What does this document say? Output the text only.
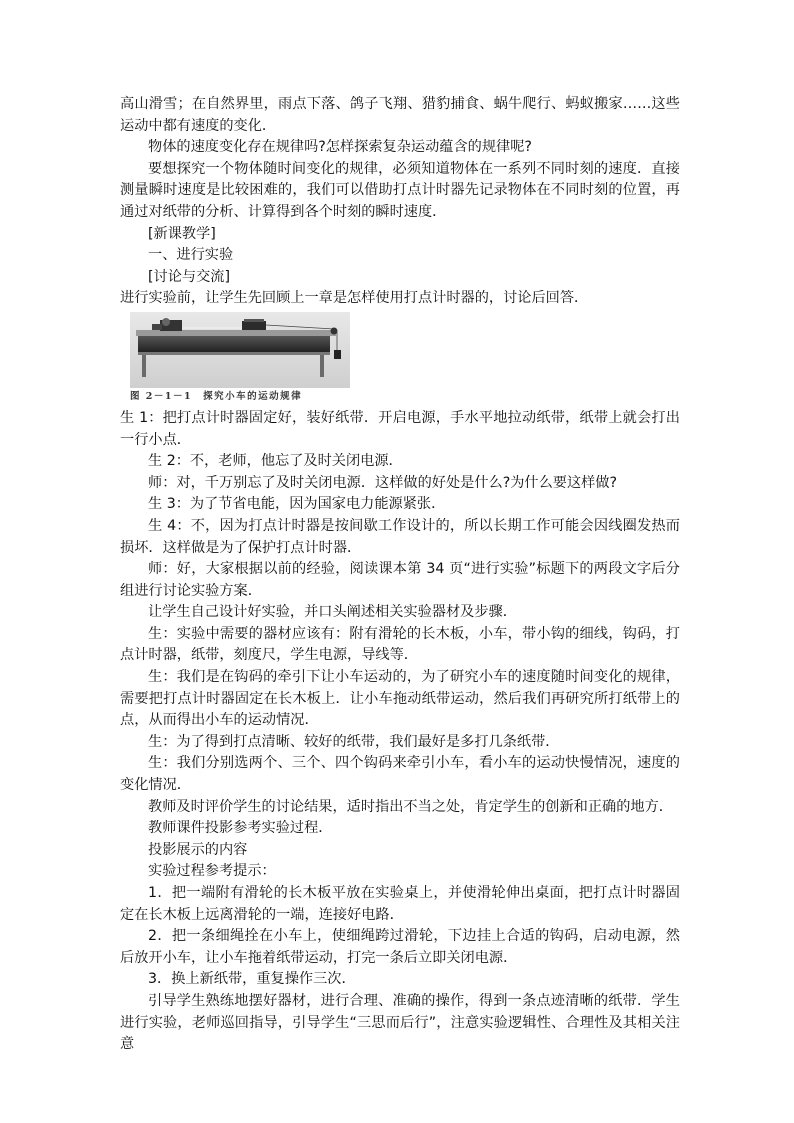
高山滑雪；在自然界里，雨点下落、鸽子飞翔、猎豹捕食、蜗牛爬行、蚂蚁搬家……这些运动中都有速度的变化．

物体的速度变化存在规律吗?怎样探索复杂运动蕴含的规律呢?

要想探究一个物体随时间变化的规律，必须知道物体在一系列不同时刻的速度．直接测量瞬时速度是比较困难的，我们可以借助打点计时器先记录物体在不同时刻的位置，再通过对纸带的分析、计算得到各个时刻的瞬时速度．

[新课教学]

一、进行实验

[讨论与交流]

进行实验前，让学生先回顾上一章是怎样使用打点计时器的，讨论后回答．

图 2－1－1　探究小车的运动规律

生 1：把打点计时器固定好，装好纸带．开启电源，手水平地拉动纸带，纸带上就会打出一行小点．

生 2：不，老师，他忘了及时关闭电源．

师：对，千万别忘了及时关闭电源．这样做的好处是什么?为什么要这样做?

生 3：为了节省电能，因为国家电力能源紧张．

生 4：不，因为打点计时器是按间歇工作设计的，所以长期工作可能会因线圈发热而损坏．这样做是为了保护打点计时器．

师：好，大家根据以前的经验，阅读课本第 34 页“进行实验”标题下的两段文字后分组进行讨论实验方案．

让学生自己设计好实验，并口头阐述相关实验器材及步骤．

生：实验中需要的器材应该有：附有滑轮的长木板，小车，带小钩的细线，钩码，打点计时器，纸带，刻度尺，学生电源，导线等．

生：我们是在钩码的牵引下让小车运动的，为了研究小车的速度随时间变化的规律，需要把打点计时器固定在长木板上．让小车拖动纸带运动，然后我们再研究所打纸带上的点，从而得出小车的运动情况．

生：为了得到打点清晰、较好的纸带，我们最好是多打几条纸带．

生：我们分别选两个、三个、四个钩码来牵引小车，看小车的运动快慢情况，速度的变化情况．

教师及时评价学生的讨论结果，适时指出不当之处，肯定学生的创新和正确的地方．

教师课件投影参考实验过程．

投影展示的内容

实验过程参考提示：

1．把一端附有滑轮的长木板平放在实验桌上，并使滑轮伸出桌面，把打点计时器固定在长木板上远离滑轮的一端，连接好电路．

2．把一条细绳拴在小车上，使细绳跨过滑轮，下边挂上合适的钩码，启动电源，然后放开小车，让小车拖着纸带运动，打完一条后立即关闭电源．

3．换上新纸带，重复操作三次．

引导学生熟练地摆好器材，进行合理、准确的操作，得到一条点迹清晰的纸带．学生进行实验，老师巡回指导，引导学生“三思而后行”，注意实验逻辑性、合理性及其相关注意
